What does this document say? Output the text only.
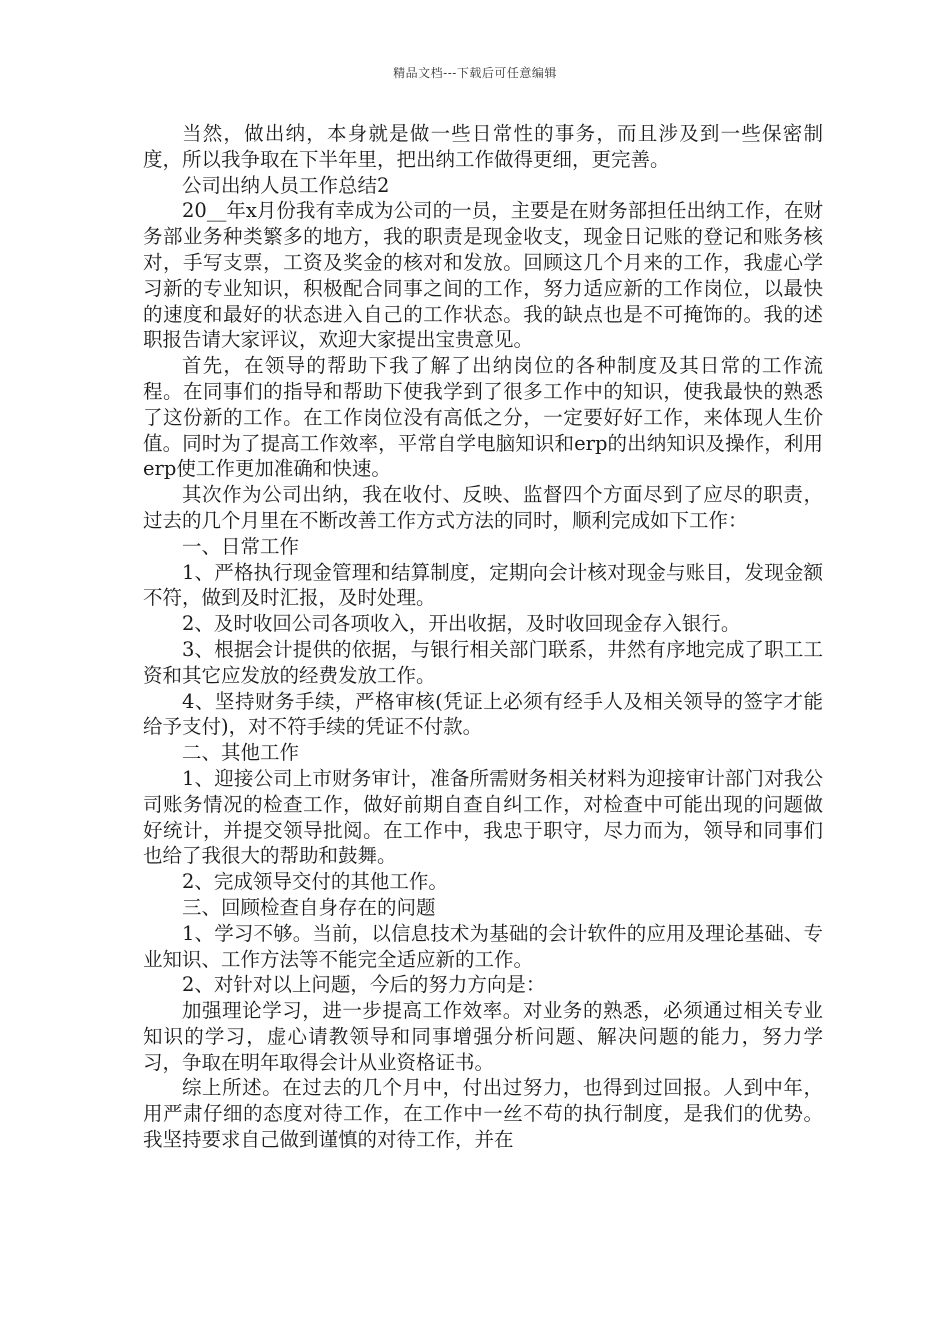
精品文档---下载后可任意编辑

当然，做出纳，本身就是做一些日常性的事务，而且涉及到一些保密制度，所以我争取在下半年里，把出纳工作做得更细，更完善。

公司出纳人员工作总结2

20__年x月份我有幸成为公司的一员，主要是在财务部担任出纳工作，在财务部业务种类繁多的地方，我的职责是现金收支，现金日记账的登记和账务核对，手写支票，工资及奖金的核对和发放。回顾这几个月来的工作，我虚心学习新的专业知识，积极配合同事之间的工作，努力适应新的工作岗位，以最快的速度和最好的状态进入自己的工作状态。我的缺点也是不可掩饰的。我的述职报告请大家评议，欢迎大家提出宝贵意见。

首先，在领导的帮助下我了解了出纳岗位的各种制度及其日常的工作流程。在同事们的指导和帮助下使我学到了很多工作中的知识，使我最快的熟悉了这份新的工作。在工作岗位没有高低之分，一定要好好工作，来体现人生价值。同时为了提高工作效率，平常自学电脑知识和erp的出纳知识及操作，利用erp使工作更加准确和快速。

其次作为公司出纳，我在收付、反映、监督四个方面尽到了应尽的职责，过去的几个月里在不断改善工作方式方法的同时，顺利完成如下工作：

一、日常工作

1、严格执行现金管理和结算制度，定期向会计核对现金与账目，发现金额不符，做到及时汇报，及时处理。

2、及时收回公司各项收入，开出收据，及时收回现金存入银行。

3、根据会计提供的依据，与银行相关部门联系，井然有序地完成了职工工资和其它应发放的经费发放工作。

4、坚持财务手续，严格审核(凭证上必须有经手人及相关领导的签字才能给予支付)，对不符手续的凭证不付款。

二、其他工作

1、迎接公司上市财务审计，准备所需财务相关材料为迎接审计部门对我公司账务情况的检查工作，做好前期自查自纠工作，对检查中可能出现的问题做好统计，并提交领导批阅。在工作中，我忠于职守，尽力而为，领导和同事们也给了我很大的帮助和鼓舞。

2、完成领导交付的其他工作。

三、回顾检查自身存在的问题

1、学习不够。当前，以信息技术为基础的会计软件的应用及理论基础、专业知识、工作方法等不能完全适应新的工作。

2、对针对以上问题，今后的努力方向是：

加强理论学习，进一步提高工作效率。对业务的熟悉，必须通过相关专业知识的学习，虚心请教领导和同事增强分析问题、解决问题的能力，努力学习，争取在明年取得会计从业资格证书。

综上所述。在过去的几个月中，付出过努力，也得到过回报。人到中年，用严肃仔细的态度对待工作，在工作中一丝不苟的执行制度，是我们的优势。我坚持要求自己做到谨慎的对待工作，并在
